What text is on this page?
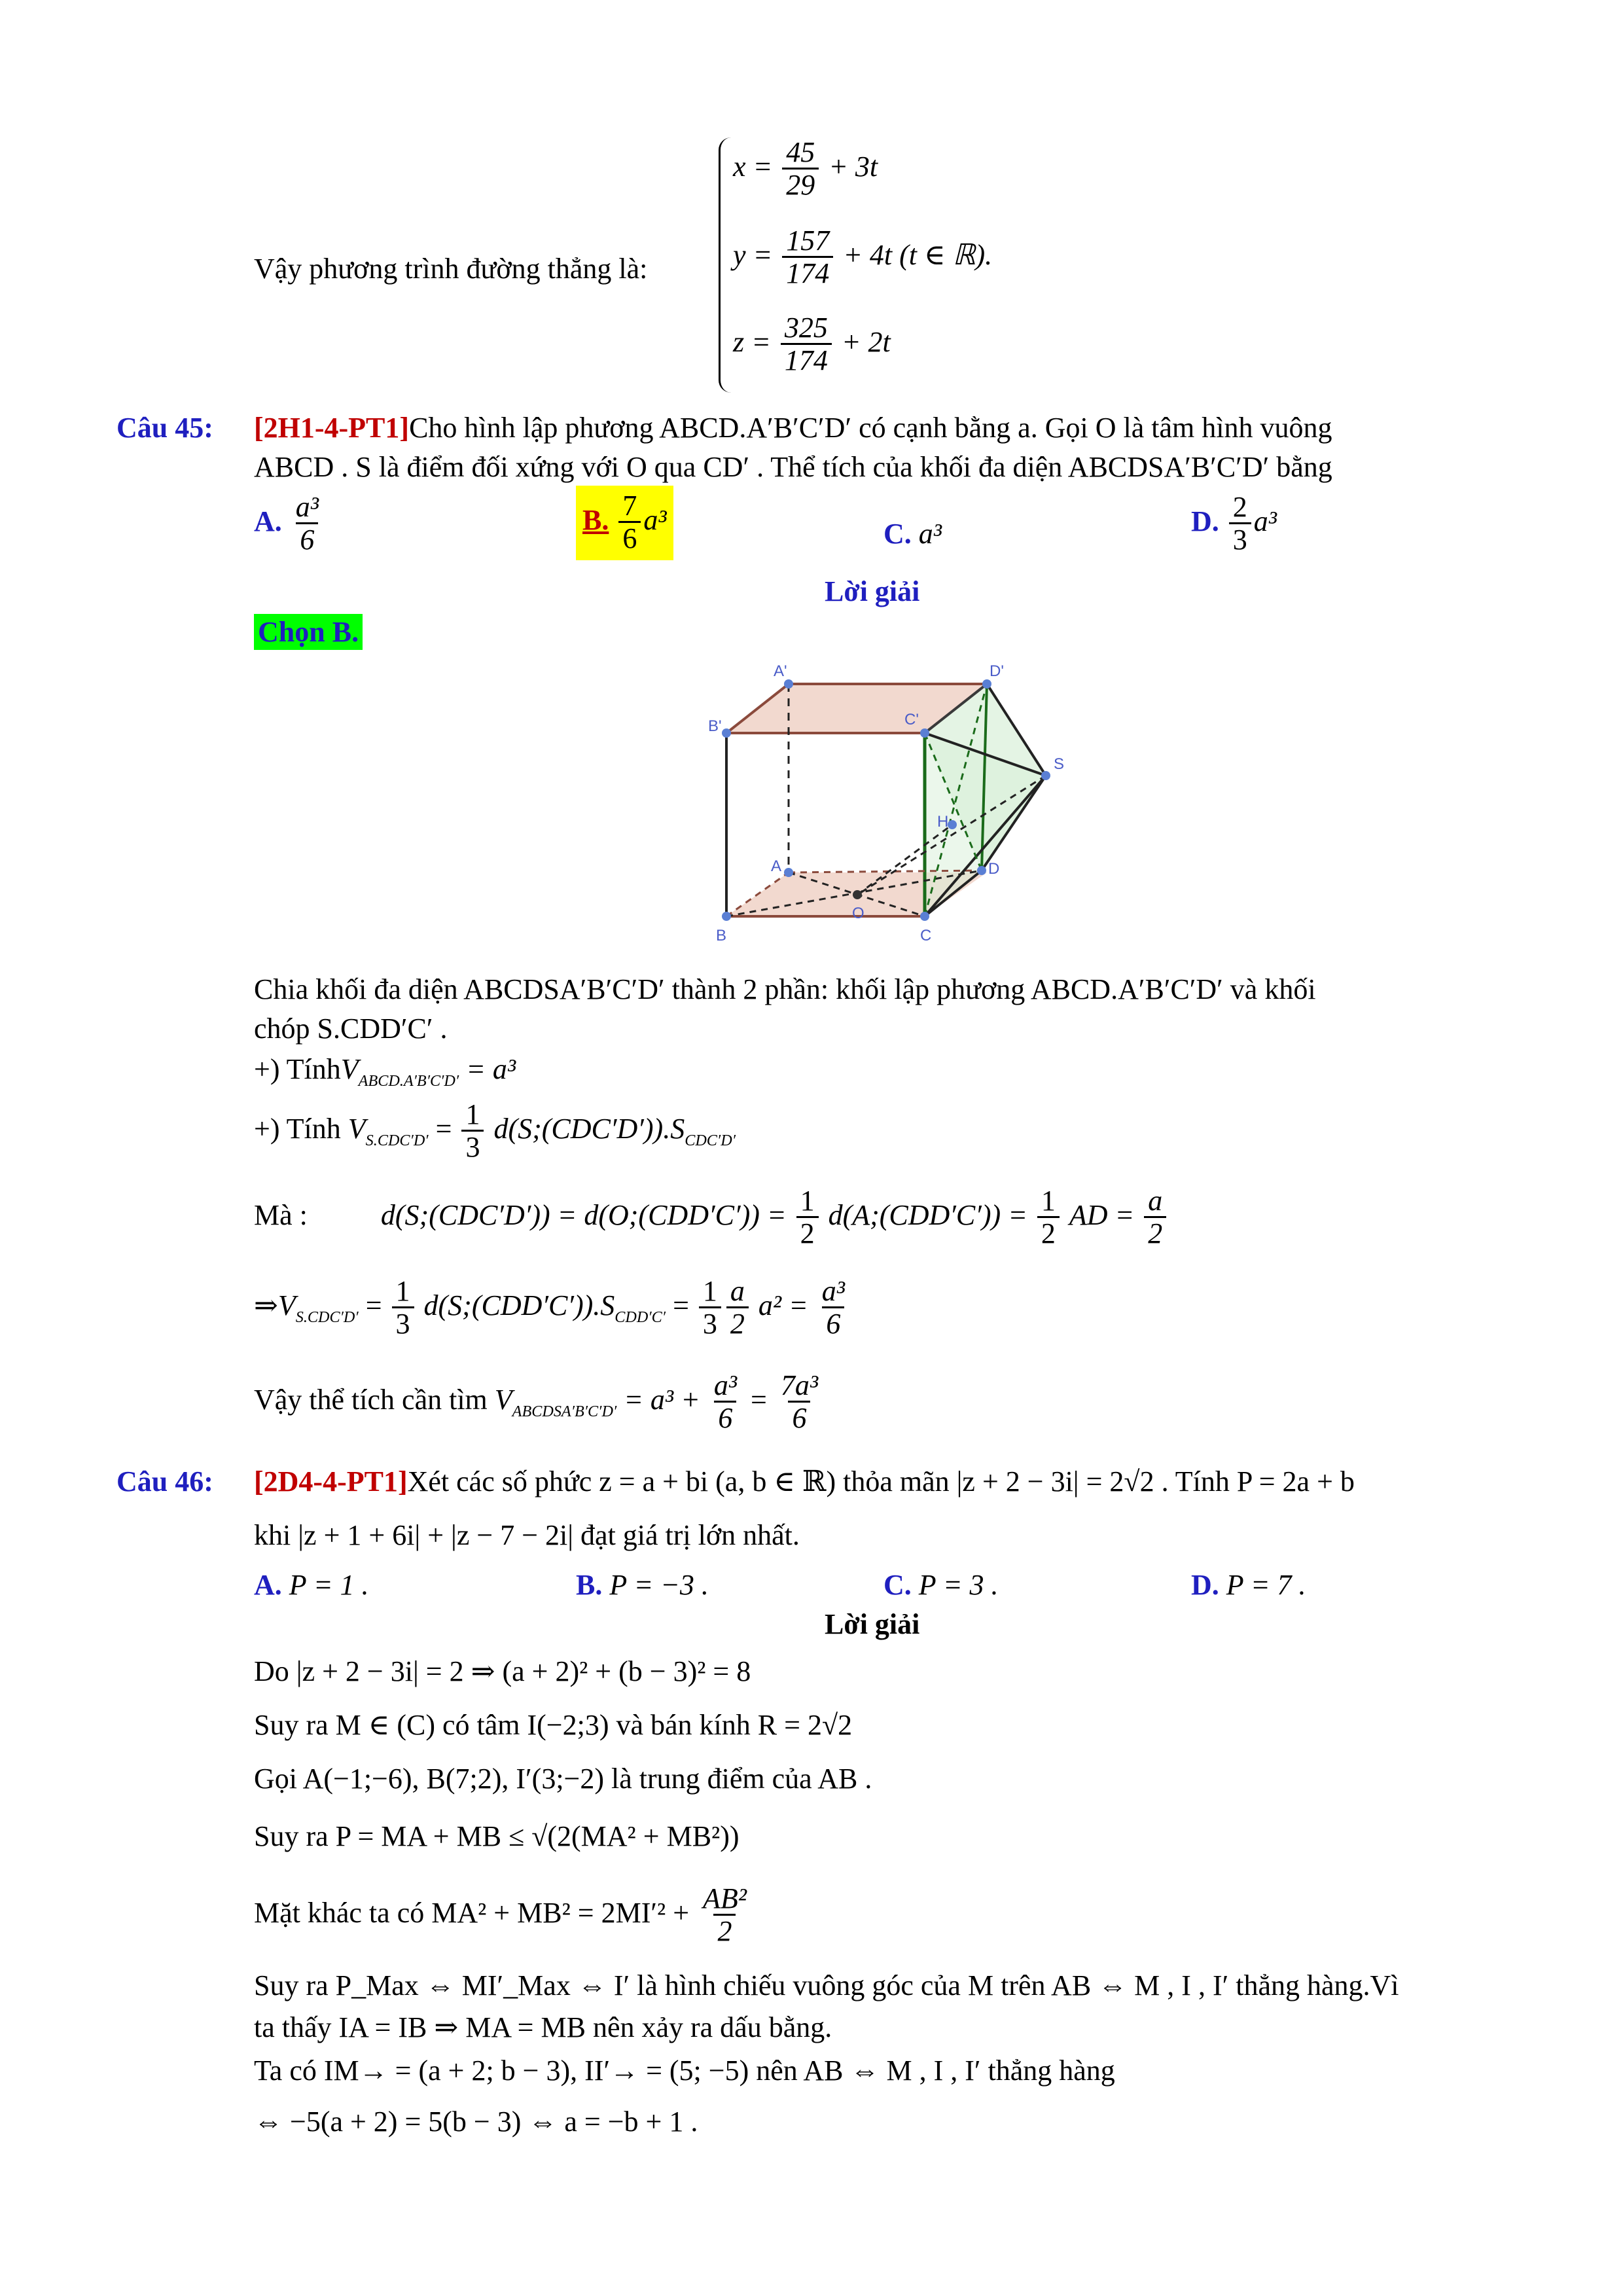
Vậy phương trình đường thẳng là:
$x = \frac{45}{29} + 3t$
$y = \frac{157}{174} + 4t$ (t ∈ ℝ).
$z = \frac{325}{174} + 2t$
Câu 45: [2H1-4-PT1]Cho hình lập phương ABCD.A′B′C′D′ có cạnh bằng a. Gọi O là tâm hình vuông
ABCD . S là điểm đối xứng với O qua CD′ . Thể tích của khối đa diện ABCDSA′B′C′D′ bằng
A. $\frac{\text{a³}}{6}$	B. $\frac{7}{6} a^3$	C. a³	D. $\frac{2}{3} a^3$
Lời giải
Chọn B.
A'	D'
B'	C'
S
H
A	D
B
O
C
Chia khối đa diện ABCDSA′B′C′D′ thành 2 phần: khối lập phương ABCD.A′B′C′D′ và khối
chóp S.CDD′C′ .
+) TínhV$_{ABCD.A'B'C'D'}$ = a³
+) Tính $V_{S.CDC'D'} = \frac{1}{3}$ $d(S;(CDC'D')).S_{CDC'D'}$
Mà :	d(S;(CDC′D′)) = d(O;(CDD′C′)) = $\frac{1}{2}$ d(A;(CDD′C′)) = $\frac{1}{2}$ AD = $\frac{a}{2}$
$\Rightarrow V_{S.CDC'D'} = \frac{1}{3}$ $d(S;(CDD'C')).S_{CDD'C'} = \frac{1}{3} \frac{a}{2} a^2 = \frac{\text{a³}}{6}$
Vậy thể tích cần tìm $V_{ABCDSA'B'C'D'} = a^3 + \frac{\text{a³}}{6} = \frac{\text{7a³}}{6}$
Câu 46: [2D4-4-PT1]Xét các số phức z = a + bi (a, b ∈ ℝ) thỏa mãn |z + 2 − 3i| = 2√2 . Tính P = 2a + b
khi |z + 1 + 6i| + |z − 7 − 2i| đạt giá trị lớn nhất.
A. P = 1 .	B. P = −3 .	C. P = 3 .	D. P = 7 .
Lời giải
Do |z + 2 − 3i| = 2 ⇒ (a + 2)² + (b − 3)² = 8
Suy ra M ∈ (C) có tâm I(−2;3) và bán kính R = 2√2
Gọi A(−1;−6), B(7;2), I′(3;−2) là trung điểm của AB .
Suy ra P = MA + MB ≤ √(2(MA² + MB²))
Mặt khác ta có $MA^2 + MB^2 = 2MI'^2 + \frac{\text{AB²}}{2}$
Suy ra P_Max ⇔ MI′_Max ⇔ I′ là hình chiếu vuông góc của M trên AB ⇔ M , I , I′ thẳng hàng.Vì
ta thấy IA = IB ⇒ MA = MB nên xảy ra dấu bằng.
Ta có IM→ = (a + 2; b − 3), II′→ = (5; −5) nên AB ⇔ M , I , I′ thẳng hàng
⇔ −5(a + 2) = 5(b − 3) ⇔ a = −b + 1 .
